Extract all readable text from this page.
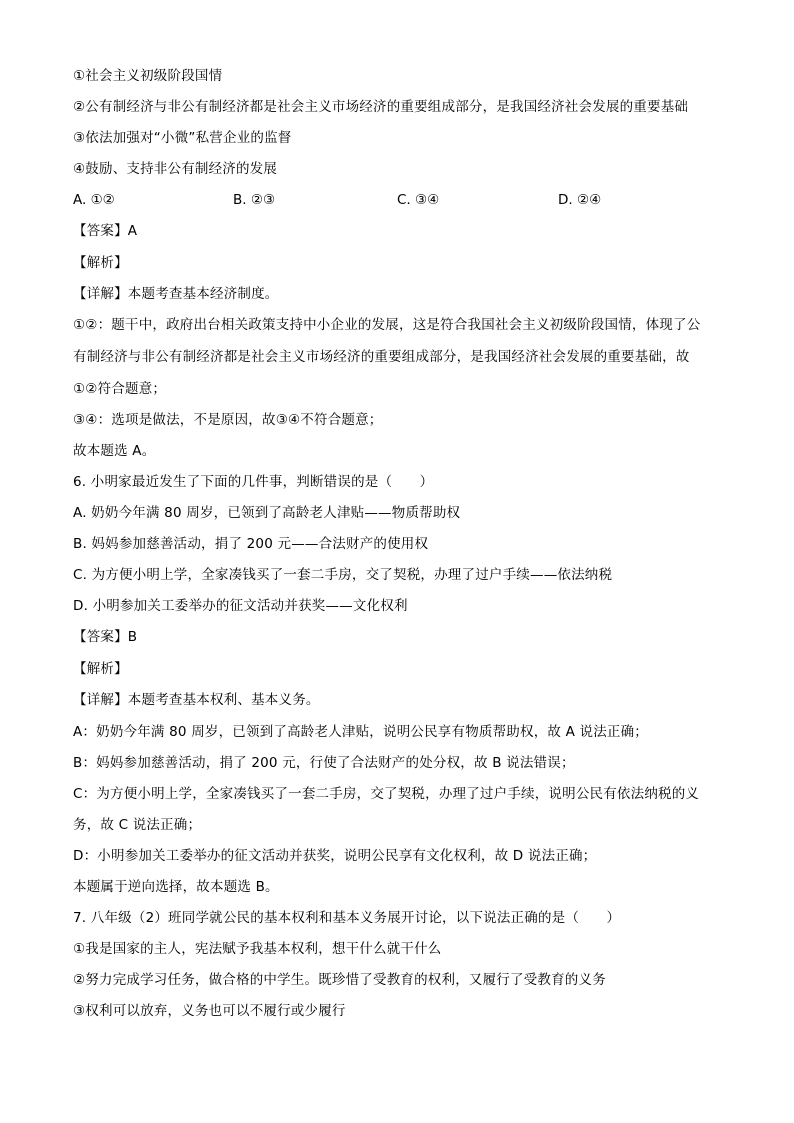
①社会主义初级阶段国情
②公有制经济与非公有制经济都是社会主义市场经济的重要组成部分，是我国经济社会发展的重要基础
③依法加强对“小微”私营企业的监督
④鼓励、支持非公有制经济的发展
A. ①②	B. ②③	C. ③④	D. ②④
【答案】A
【解析】
【详解】本题考查基本经济制度。
①②：题干中，政府出台相关政策支持中小企业的发展，这是符合我国社会主义初级阶段国情，体现了公
有制经济与非公有制经济都是社会主义市场经济的重要组成部分，是我国经济社会发展的重要基础，故
①②符合题意；
③④：选项是做法，不是原因，故③④不符合题意；
故本题选 A。
6. 小明家最近发生了下面的几件事，判断错误的是（　　）
A. 奶奶今年满 80 周岁，已领到了高龄老人津贴——物质帮助权
B. 妈妈参加慈善活动，捐了 200 元——合法财产的使用权
C. 为方便小明上学，全家凑钱买了一套二手房，交了契税，办理了过户手续——依法纳税
D. 小明参加关工委举办的征文活动并获奖——文化权利
【答案】B
【解析】
【详解】本题考查基本权利、基本义务。
A：奶奶今年满 80 周岁，已领到了高龄老人津贴，说明公民享有物质帮助权，故 A 说法正确；
B：妈妈参加慈善活动，捐了 200 元，行使了合法财产的处分权，故 B 说法错误；
C：为方便小明上学，全家凑钱买了一套二手房，交了契税，办理了过户手续，说明公民有依法纳税的义
务，故 C 说法正确；
D：小明参加关工委举办的征文活动并获奖，说明公民享有文化权利，故 D 说法正确；
本题属于逆向选择，故本题选 B。
7. 八年级（2）班同学就公民的基本权利和基本义务展开讨论，以下说法正确的是（　　）
①我是国家的主人，宪法赋予我基本权利，想干什么就干什么
②努力完成学习任务，做合格的中学生。既珍惜了受教育的权利，又履行了受教育的义务
③权利可以放弃，义务也可以不履行或少履行
